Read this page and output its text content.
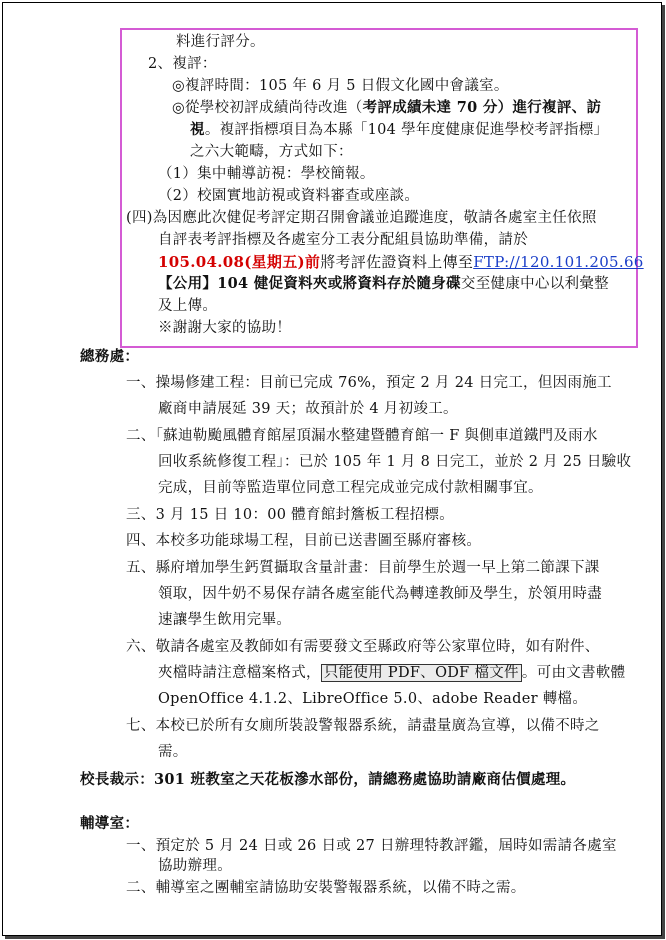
料進行評分。
2、複評：
◎複評時間：105 年 6 月 5 日假文化國中會議室。
◎從學校初評成績尚待改進（考評成績未達 70 分）進行複評、訪
視。複評指標項目為本縣「104 學年度健康促進學校考評指標」
之六大範疇，方式如下：
（1）集中輔導訪視：學校簡報。
（2）校園實地訪視或資料審查或座談。
(四)為因應此次健促考評定期召開會議並追蹤進度，敬請各處室主任依照
自評表考評指標及各處室分工表分配組員協助準備，請於
105.04.08(星期五)前將考評佐證資料上傳至FTP://120.101.205.66
【公用】104 健促資料夾或將資料存於隨身碟交至健康中心以利彙整
及上傳。
總務處：
一、操場修建工程：目前已完成 76%，預定 2 月 24 日完工，但因雨施工
廠商申請展延 39 天；故預計於 4 月初竣工。
二、「蘇迪勒颱風體育館屋頂漏水整建暨體育館一 F 與側車道鐵門及雨水
回收系統修復工程」：已於 105 年 1 月 8 日完工，並於 2 月 25 日驗收
完成，目前等監造單位同意工程完成並完成付款相關事宜。
三、3 月 15 日 10：00 體育館封簷板工程招標。
四、本校多功能球場工程，目前已送書圖至縣府審核。
五、縣府增加學生鈣質攝取含量計畫：目前學生於週一早上第二節課下課
領取，因牛奶不易保存請各處室能代為轉達教師及學生，於領用時盡
速讓學生飲用完畢。
六、敬請各處室及教師如有需要發文至縣政府等公家單位時，如有附件、
夾檔時請注意檔案格式， 只能使用 PDF、ODF 檔文件 。可由文書軟體
OpenOffice 4.1.2、LibreOffice 5.0、adobe Reader 轉檔。
七、本校已於所有女廁所裝設警報器系統，請盡量廣為宣導，以備不時之
需。
校長裁示：301 班教室之天花板滲水部份，請總務處協助請廠商估價處理。
輔導室：
一、預定於 5 月 24 日或 26 日或 27 日辦理特教評鑑，屆時如需請各處室
協助辦理。
二、輔導室之團輔室請協助安裝警報器系統，以備不時之需。
※謝謝大家的協助！
